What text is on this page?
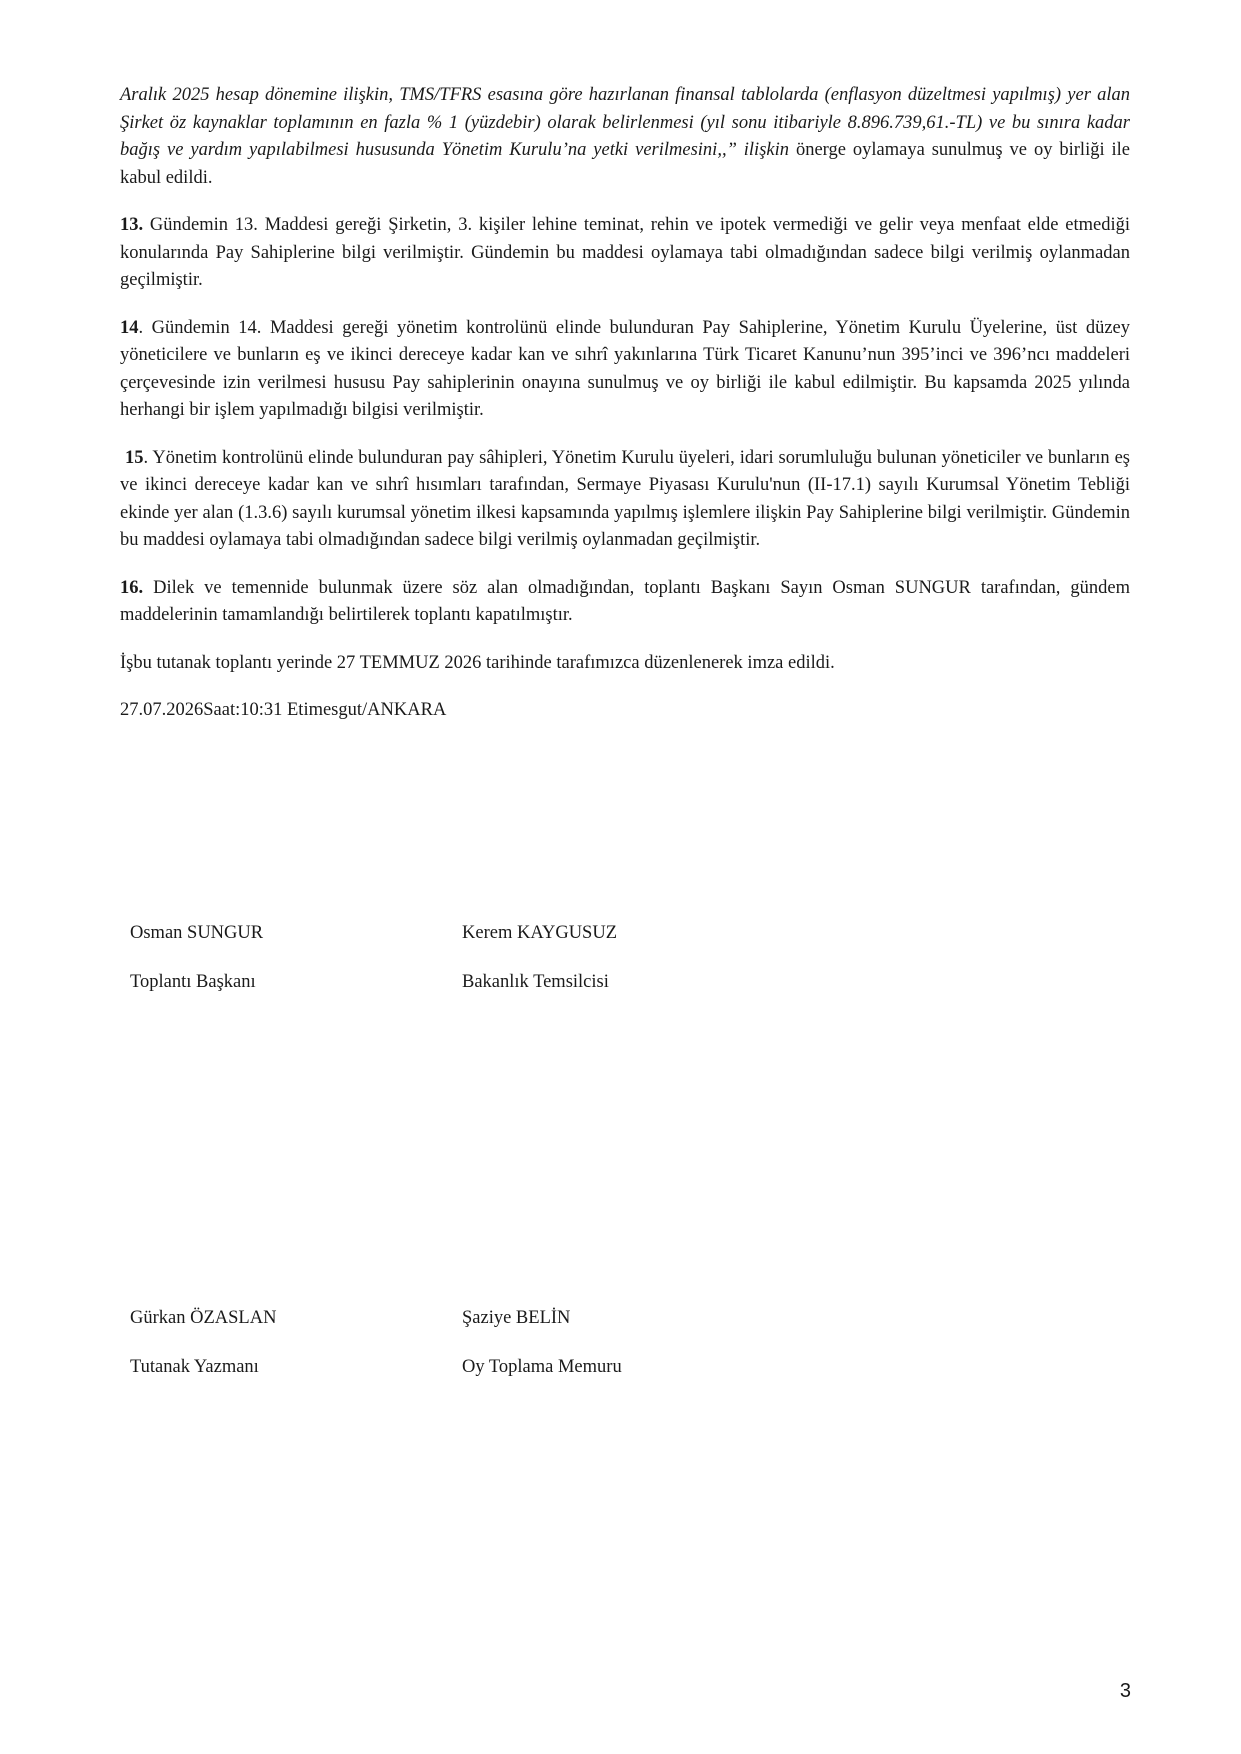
Aralık 2025 hesap dönemine ilişkin, TMS/TFRS esasına göre hazırlanan finansal tablolarda (enflasyon düzeltmesi yapılmış) yer alan Şirket öz kaynaklar toplamının en fazla % 1 (yüzdebir) olarak belirlenmesi (yıl sonu itibariyle 8.896.739,61.-TL) ve bu sınıra kadar bağış ve yardım yapılabilmesi hususunda Yönetim Kurulu’na yetki verilmesini,,” ilişkin önerge oylamaya sunulmuş ve oy birliği ile kabul edildi.

13. Gündemin 13. Maddesi gereği Şirketin, 3. kişiler lehine teminat, rehin ve ipotek vermediği ve gelir veya menfaat elde etmediği konularında Pay Sahiplerine bilgi verilmiştir. Gündemin bu maddesi oylamaya tabi olmadığından sadece bilgi verilmiş oylanmadan geçilmiştir.

14. Gündemin 14. Maddesi gereği yönetim kontrolünü elinde bulunduran Pay Sahiplerine, Yönetim Kurulu Üyelerine, üst düzey yöneticilere ve bunların eş ve ikinci dereceye kadar kan ve sıhrî yakınlarına Türk Ticaret Kanunu’nun 395’inci ve 396’ncı maddeleri çerçevesinde izin verilmesi hususu Pay sahiplerinin onayına sunulmuş ve oy birliği ile kabul edilmiştir. Bu kapsamda 2025 yılında herhangi bir işlem yapılmadığı bilgisi verilmiştir.

15. Yönetim kontrolünü elinde bulunduran pay sâhipleri, Yönetim Kurulu üyeleri, idari sorumluluğu bulunan yöneticiler ve bunların eş ve ikinci dereceye kadar kan ve sıhrî hısımları tarafından, Sermaye Piyasası Kurulu'nun (II-17.1) sayılı Kurumsal Yönetim Tebliği ekinde yer alan (1.3.6) sayılı kurumsal yönetim ilkesi kapsamında yapılmış işlemlere ilişkin Pay Sahiplerine bilgi verilmiştir. Gündemin bu maddesi oylamaya tabi olmadığından sadece bilgi verilmiş oylanmadan geçilmiştir.

16. Dilek ve temennide bulunmak üzere söz alan olmadığından, toplantı Başkanı Sayın Osman SUNGUR tarafından, gündem maddelerinin tamamlandığı belirtilerek toplantı kapatılmıştır.

İşbu tutanak toplantı yerinde 27 TEMMUZ 2026 tarihinde tarafımızca düzenlenerek imza edildi.

27.07.2026Saat:10:31 Etimesgut/ANKARA

Osman SUNGUR
Toplantı Başkanı
Kerem KAYGUSUZ
Bakanlık Temsilcisi
Gürkan ÖZASLAN
Tutanak Yazmanı
Şaziye BELİN
Oy Toplama Memuru
3
